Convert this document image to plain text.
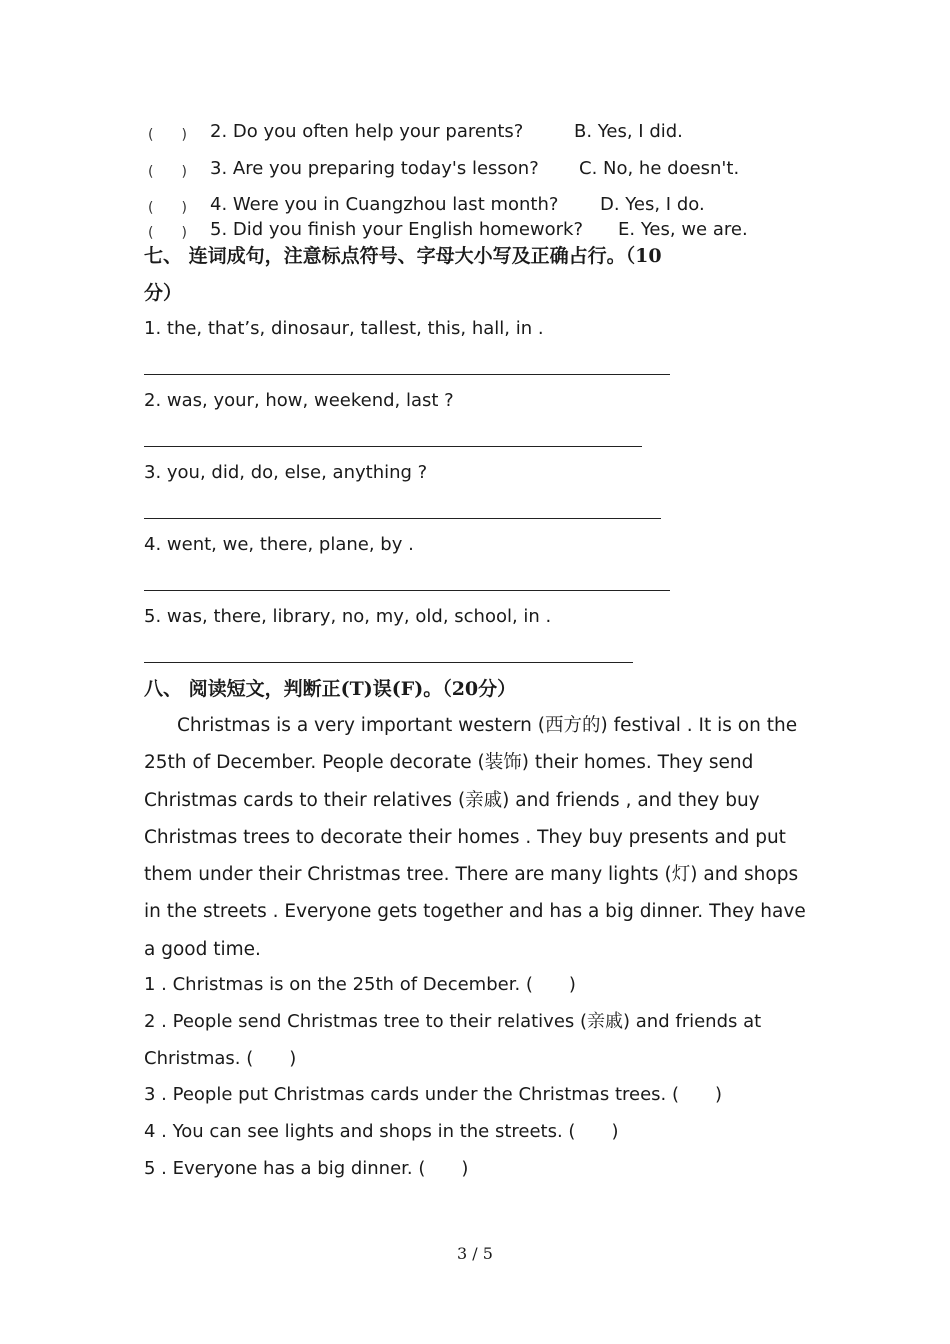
(　　) 2. Do you often help your parents?	B. Yes, I did.
(　　) 3. Are you preparing today's lesson? C. No, he doesn't.
(　　) 4. Were you in Cuangzhou last month? D. Yes, I do.
(　　) 5. Did you finish your English homework? E. Yes, we are.
七、 连词成句，注意标点符号、字母大小写及正确占行。（10
分）
1. the, that’s, dinosaur, tallest, this, hall, in .
2. was, your, how, weekend, last ?
3. you, did, do, else, anything ?
4. went, we, there, plane, by .
5. was, there, library, no, my, old, school, in .
八、 阅读短文，判断正(T)误(F)。（20分）
Christmas is a very important western (西方的) festival . It is on the 25th of December. People decorate (装饰) their homes. They send Christmas cards to their relatives (亲戚) and friends , and they buy Christmas trees to decorate their homes . They buy presents and put them under their Christmas tree. There are many lights (灯) and shops in the streets . Everyone gets together and has a big dinner. They have a good time.
1 . Christmas is on the 25th of December. (　　)
2 . People send Christmas tree to their relatives (亲戚) and friends at
Christmas. (　　)
3 . People put Christmas cards under the Christmas trees. (　　)
4 . You can see lights and shops in the streets. (　　)
5 . Everyone has a big dinner. (　　)
3 / 5
